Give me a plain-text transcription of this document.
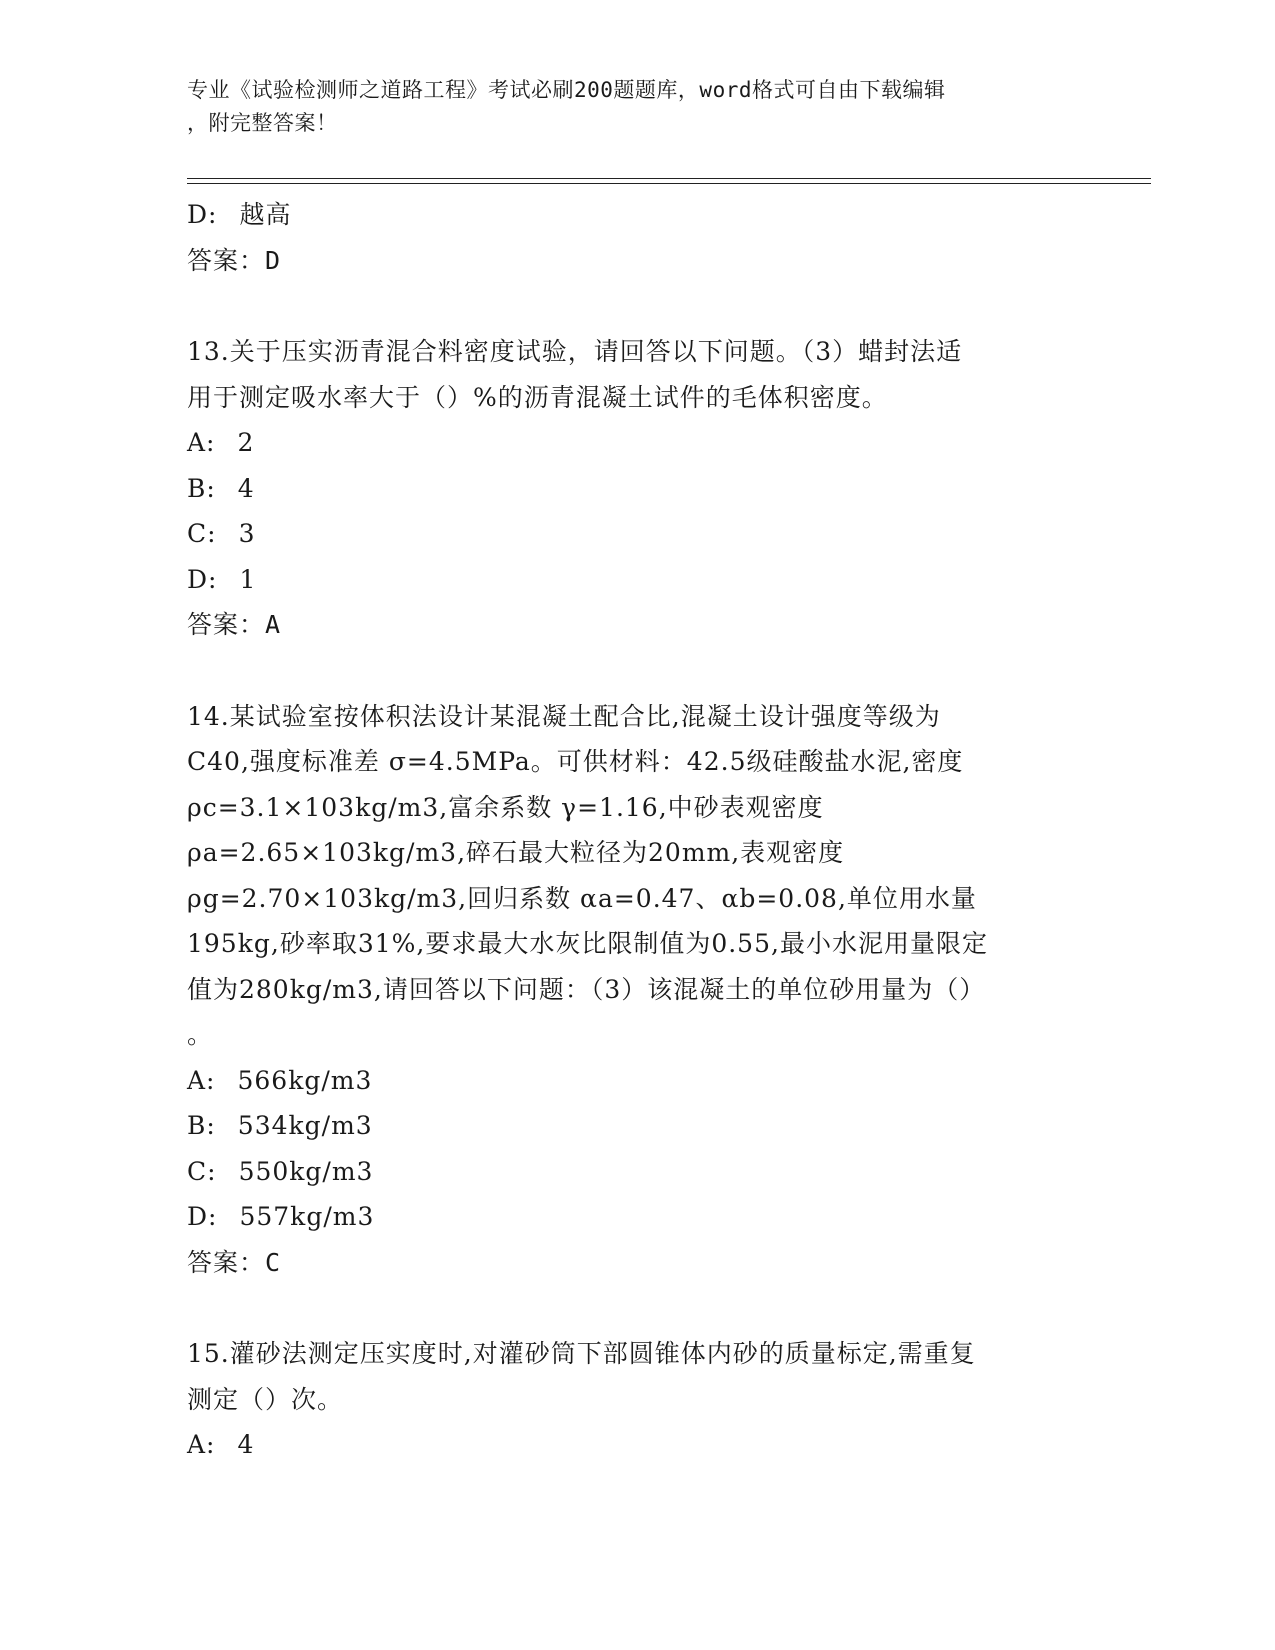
专业《试验检测师之道路工程》考试必刷200题题库，word格式可自由下载编辑
，附完整答案！
D: 越高
答案：D
13.关于压实沥青混合料密度试验，请回答以下问题。（3）蜡封法适
用于测定吸水率大于（）%的沥青混凝土试件的毛体积密度。
A: 2
B: 4
C: 3
D: 1
答案：A
14.某试验室按体积法设计某混凝土配合比,混凝土设计强度等级为
C40,强度标准差 σ=4.5MPa。可供材料：42.5级硅酸盐水泥,密度
ρc=3.1×103kg/m3,富余系数 γ=1.16,中砂表观密度
ρa=2.65×103kg/m3,碎石最大粒径为20mm,表观密度
ρg=2.70×103kg/m3,回归系数 αa=0.47、αb=0.08,单位用水量
195kg,砂率取31%,要求最大水灰比限制值为0.55,最小水泥用量限定
值为280kg/m3,请回答以下问题：（3）该混凝土的单位砂用量为（）
。
A: 566kg/m3
B: 534kg/m3
C: 550kg/m3
D: 557kg/m3
答案：C
15.灌砂法测定压实度时,对灌砂筒下部圆锥体内砂的质量标定,需重复
测定（）次。
A: 4
